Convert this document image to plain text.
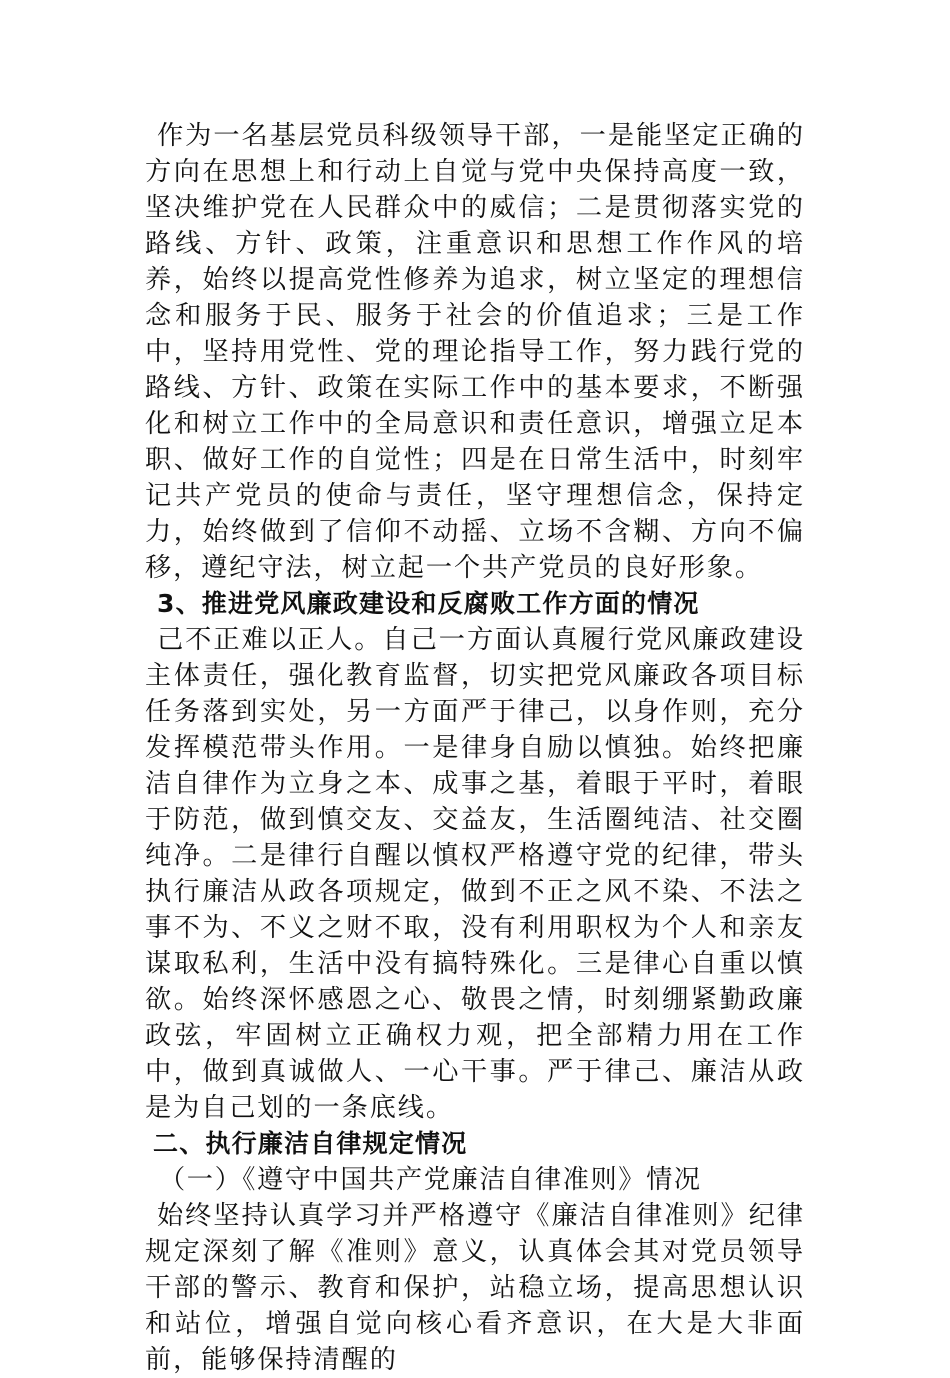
作为一名基层党员科级领导干部，一是能坚定正确的方向在思想上和行动上自觉与党中央保持高度一致，坚决维护党在人民群众中的威信；二是贯彻落实党的路线、方针、政策，注重意识和思想工作作风的培养，始终以提高党性修养为追求，树立坚定的理想信念和服务于民、服务于社会的价值追求；三是工作中，坚持用党性、党的理论指导工作，努力践行党的路线、方针、政策在实际工作中的基本要求，不断强化和树立工作中的全局意识和责任意识，增强立足本职、做好工作的自觉性；四是在日常生活中，时刻牢记共产党员的使命与责任，坚守理想信念，保持定力，始终做到了信仰不动摇、立场不含糊、方向不偏移，遵纪守法，树立起一个共产党员的良好形象。

3、推进党风廉政建设和反腐败工作方面的情况

己不正难以正人。自己一方面认真履行党风廉政建设主体责任，强化教育监督，切实把党风廉政各项目标任务落到实处，另一方面严于律己，以身作则，充分发挥模范带头作用。一是律身自励以慎独。始终把廉洁自律作为立身之本、成事之基，着眼于平时，着眼于防范，做到慎交友、交益友，生活圈纯洁、社交圈纯净。二是律行自醒以慎权严格遵守党的纪律，带头执行廉洁从政各项规定，做到不正之风不染、不法之事不为、不义之财不取，没有利用职权为个人和亲友谋取私利，生活中没有搞特殊化。三是律心自重以慎欲。始终深怀感恩之心、敬畏之情，时刻绷紧勤政廉政弦，牢固树立正确权力观，把全部精力用在工作中，做到真诚做人、一心干事。严于律己、廉洁从政是为自己划的一条底线。

二、执行廉洁自律规定情况

（一）《遵守中国共产党廉洁自律准则》情况

始终坚持认真学习并严格遵守《廉洁自律准则》纪律规定深刻了解《准则》意义，认真体会其对党员领导干部的警示、教育和保护，站稳立场，提高思想认识和站位，增强自觉向核心看齐意识，在大是大非面前，能够保持清醒的
